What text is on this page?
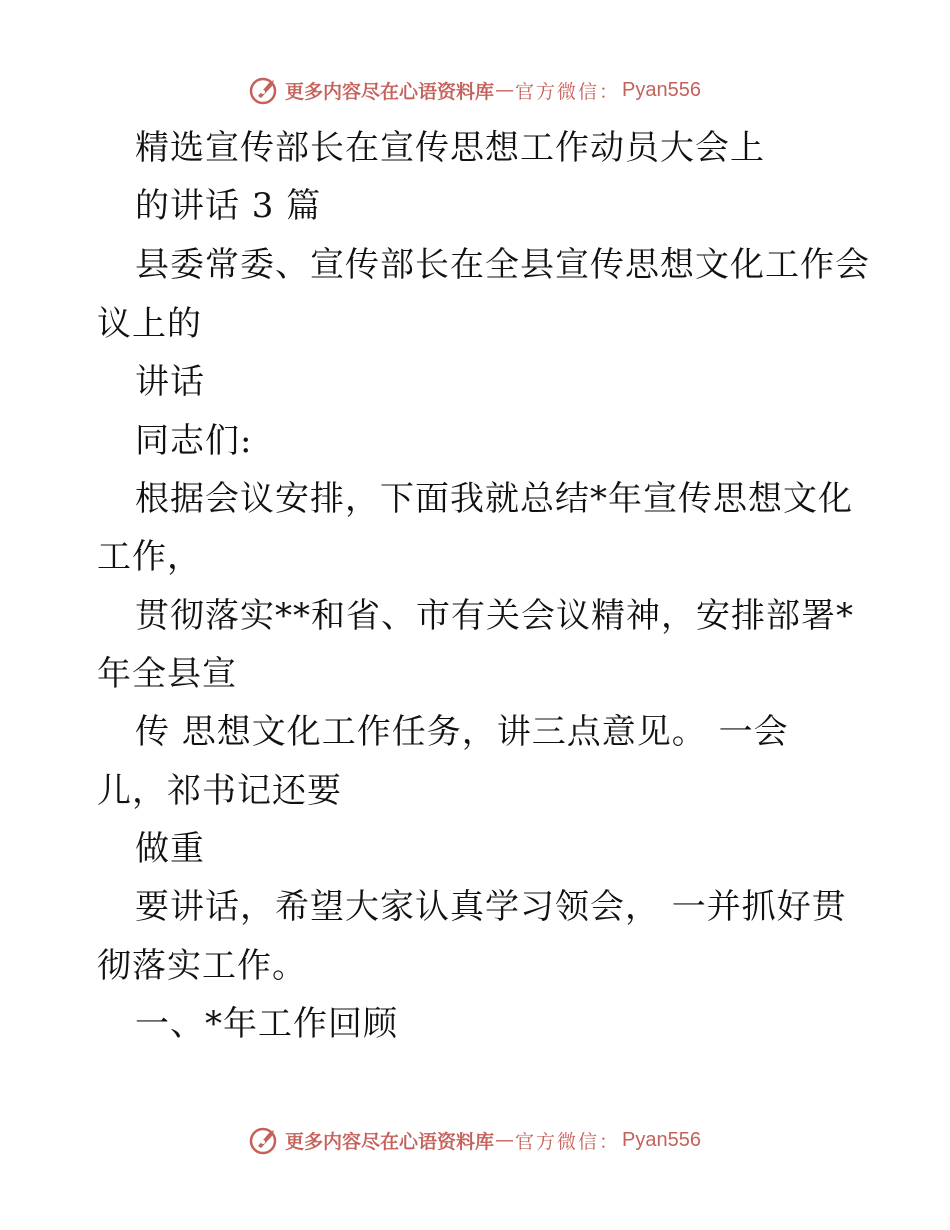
更多内容尽在心语资料库 — 官方微信： Pyan556
精选宣传部长在宣传思想工作动员大会上
的讲话 3 篇
县委常委、宣传部长在全县宣传思想文化工作会
议上的
讲话
同志们:
根据会议安排，下面我就总结*年宣传思想文化
工作，
贯彻落实**和省、市有关会议精神，安排部署*
年全县宣
传 思想文化工作任务，讲三点意见。 一会
儿，祁书记还要
做重
要讲话，希望大家认真学习领会， 一并抓好贯
彻落实工作。
一、*年工作回顾
更多内容尽在心语资料库 — 官方微信： Pyan556
